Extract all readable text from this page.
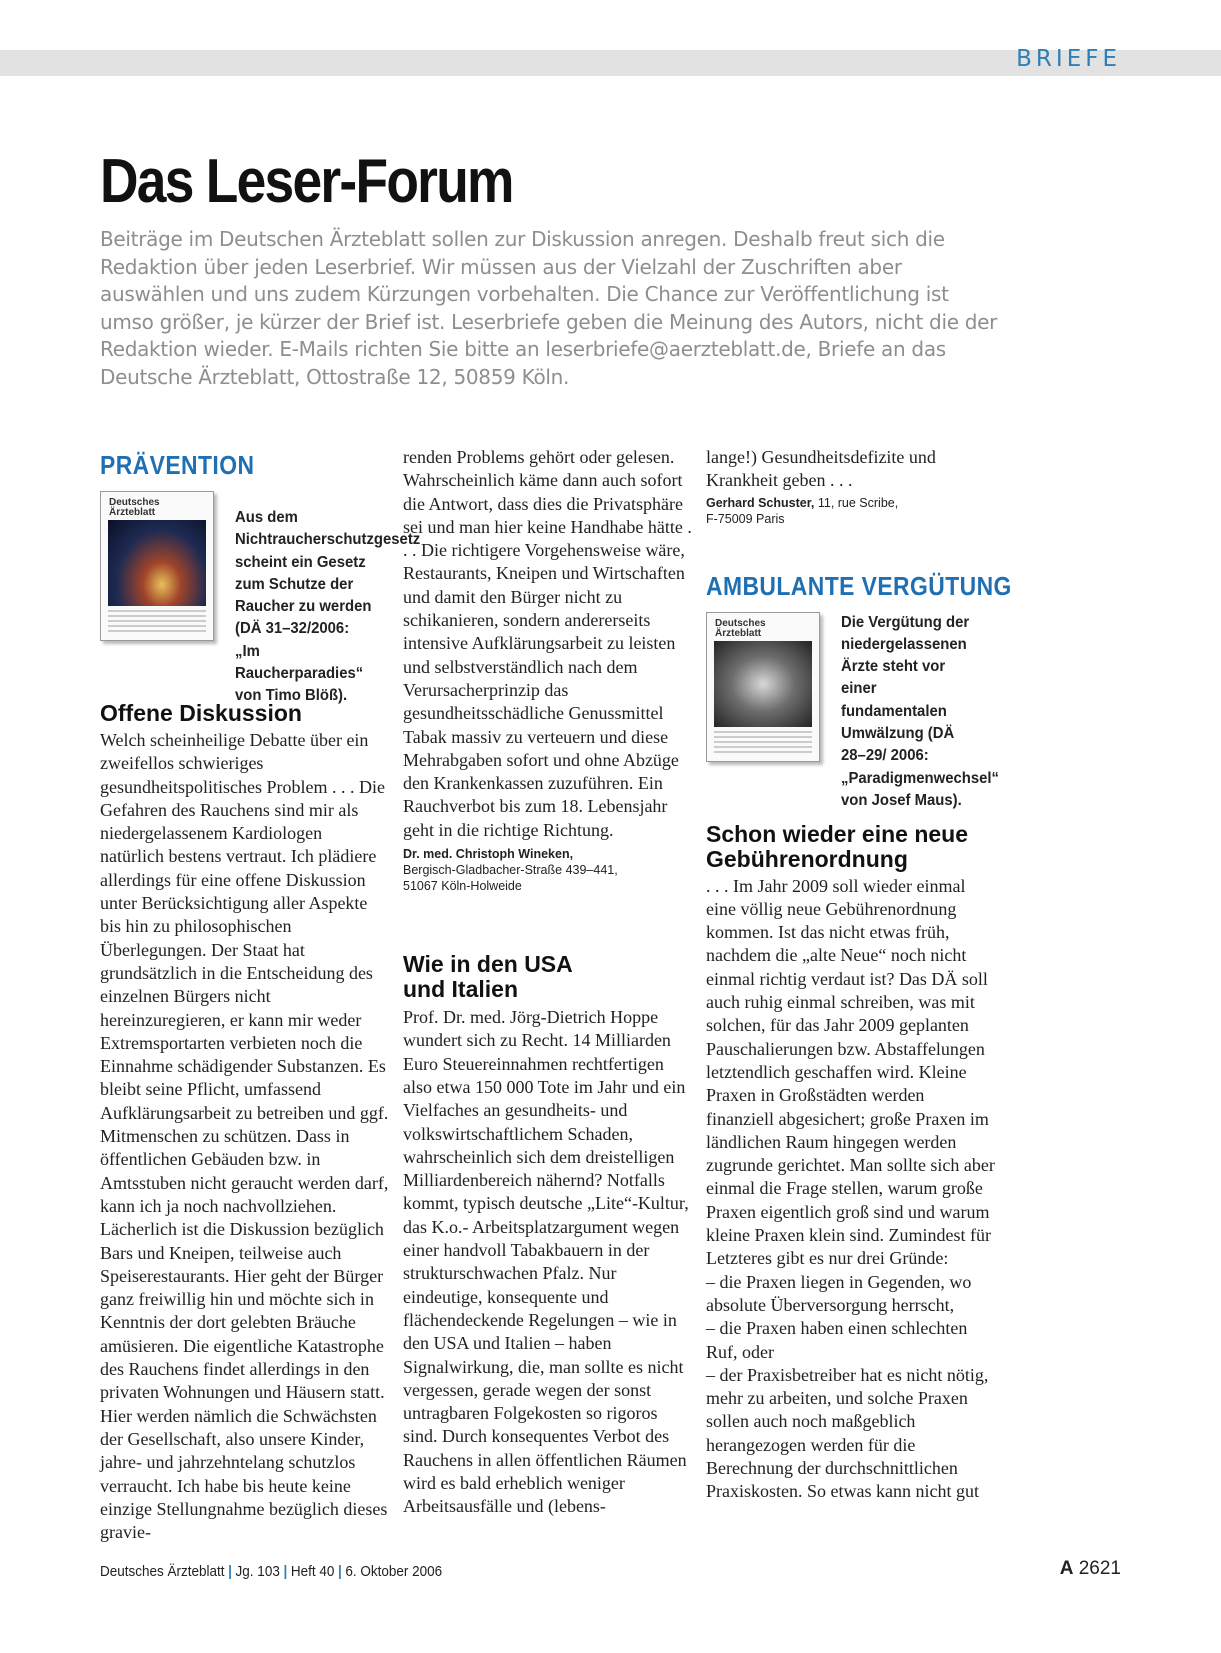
BRIEFE
Das Leser-Forum

Beiträge im Deutschen Ärzteblatt sollen zur Diskussion anregen. Deshalb freut sich die Redaktion über jeden Leserbrief. Wir müssen aus der Vielzahl der Zuschriften aber auswählen und uns zudem Kürzungen vorbehalten. Die Chance zur Veröffentlichung ist umso größer, je kürzer der Brief ist. Leserbriefe geben die Meinung des Autors, nicht die der Redaktion wieder. E-Mails richten Sie bitte an leserbriefe@aerzteblatt.de, Briefe an das Deutsche Ärzteblatt, Ottostraße 12, 50859 Köln.

PRÄVENTION
Deutsches
Ärzteblatt	Aus dem Nichtraucherschutzgesetz scheint ein Gesetz zum Schutze der Raucher zu werden (DÄ 31–32/2006: „Im Raucherparadies“ von Timo Blöß).
Offene Diskussion

Welch scheinheilige Debatte über ein zweifellos schwieriges gesundheitspolitisches Problem . . . Die Gefahren des Rauchens sind mir als niedergelassenem Kardiologen natürlich bestens vertraut. Ich plädiere allerdings für eine offene Diskussion unter Berücksichtigung aller Aspekte bis hin zu philosophischen Überlegungen. Der Staat hat grundsätzlich in die Entscheidung des einzelnen Bürgers nicht hereinzuregieren, er kann mir weder Extremsportarten verbieten noch die Einnahme schädigender Substanzen. Es bleibt seine Pflicht, umfassend Aufklärungsarbeit zu betreiben und ggf. Mitmenschen zu schützen. Dass in öffentlichen Gebäuden bzw. in Amtsstuben nicht geraucht werden darf, kann ich ja noch nachvollziehen. Lächerlich ist die Diskussion bezüglich Bars und Kneipen, teilweise auch Speiserestaurants. Hier geht der Bürger ganz freiwillig hin und möchte sich in Kenntnis der dort gelebten Bräuche amüsieren. Die eigentliche Katastrophe des Rauchens findet allerdings in den privaten Wohnungen und Häusern statt. Hier werden nämlich die Schwächsten der Gesellschaft, also unsere Kinder, jahre- und jahrzehntelang schutzlos verraucht. Ich habe bis heute keine einzige Stellungnahme bezüglich dieses gravie-

renden Problems gehört oder gelesen. Wahrscheinlich käme dann auch sofort die Antwort, dass dies die Privatsphäre sei und man hier keine Handhabe hätte . . . Die richtigere Vorgehensweise wäre, Restaurants, Kneipen und Wirtschaften und damit den Bürger nicht zu schikanieren, sondern andererseits intensive Aufklärungsarbeit zu leisten und selbstverständlich nach dem Verursacherprinzip das gesundheitsschädliche Genussmittel Tabak massiv zu verteuern und diese Mehrabgaben sofort und ohne Abzüge den Krankenkassen zuzuführen. Ein Rauchverbot bis zum 18. Lebensjahr geht in die richtige Richtung.

Dr. med. Christoph Wineken,

Bergisch-Gladbacher-Straße 439–441,

51067 Köln-Holweide

Wie in den USA
und Italien

Prof. Dr. med. Jörg-Dietrich Hoppe wundert sich zu Recht. 14 Milliarden Euro Steuereinnahmen rechtfertigen also etwa 150 000 Tote im Jahr und ein Vielfaches an gesundheits- und volkswirtschaftlichem Schaden, wahrscheinlich sich dem dreistelligen Milliardenbereich nähernd? Notfalls kommt, typisch deutsche „Lite“-Kultur, das K.o.- Arbeitsplatzargument wegen einer handvoll Tabakbauern in der strukturschwachen Pfalz. Nur eindeutige, konsequente und flächendeckende Regelungen – wie in den USA und Italien – haben Signalwirkung, die, man sollte es nicht vergessen, gerade wegen der sonst untragbaren Folgekosten so rigoros sind. Durch konsequentes Verbot des Rauchens in allen öffentlichen Räumen wird es bald erheblich weniger Arbeitsausfälle und (lebens-

lange!) Gesundheitsdefizite und Krankheit geben . . .

Gerhard Schuster, 11, rue Scribe,

F-75009 Paris

AMBULANTE VERGÜTUNG
Deutsches
Ärzteblatt
Die Vergütung der niedergelassenen Ärzte steht vor einer fundamentalen Umwälzung (DÄ 28–29/ 2006: „Paradigmenwechsel“ von Josef Maus).
Schon wieder eine neue
Gebührenordnung

. . . Im Jahr 2009 soll wieder einmal eine völlig neue Gebührenordnung kommen. Ist das nicht etwas früh, nachdem die „alte Neue“ noch nicht einmal richtig verdaut ist? Das DÄ soll auch ruhig einmal schreiben, was mit solchen, für das Jahr 2009 geplanten Pauschalierungen bzw. Abstaffelungen letztendlich geschaffen wird. Kleine Praxen in Großstädten werden finanziell abgesichert; große Praxen im ländlichen Raum hingegen werden zugrunde gerichtet. Man sollte sich aber einmal die Frage stellen, warum große Praxen eigentlich groß sind und warum kleine Praxen klein sind. Zumindest für Letzteres gibt es nur drei Gründe:

– die Praxen liegen in Gegenden, wo absolute Überversorgung herrscht,

– die Praxen haben einen schlechten Ruf, oder

– der Praxisbetreiber hat es nicht nötig, mehr zu arbeiten, und solche Praxen sollen auch noch maßgeblich herangezogen werden für die Berechnung der durchschnittlichen Praxiskosten. So etwas kann nicht gut

Deutsches Ärzteblatt | Jg. 103 | Heft 40 | 6. Oktober 2006	A 2621
